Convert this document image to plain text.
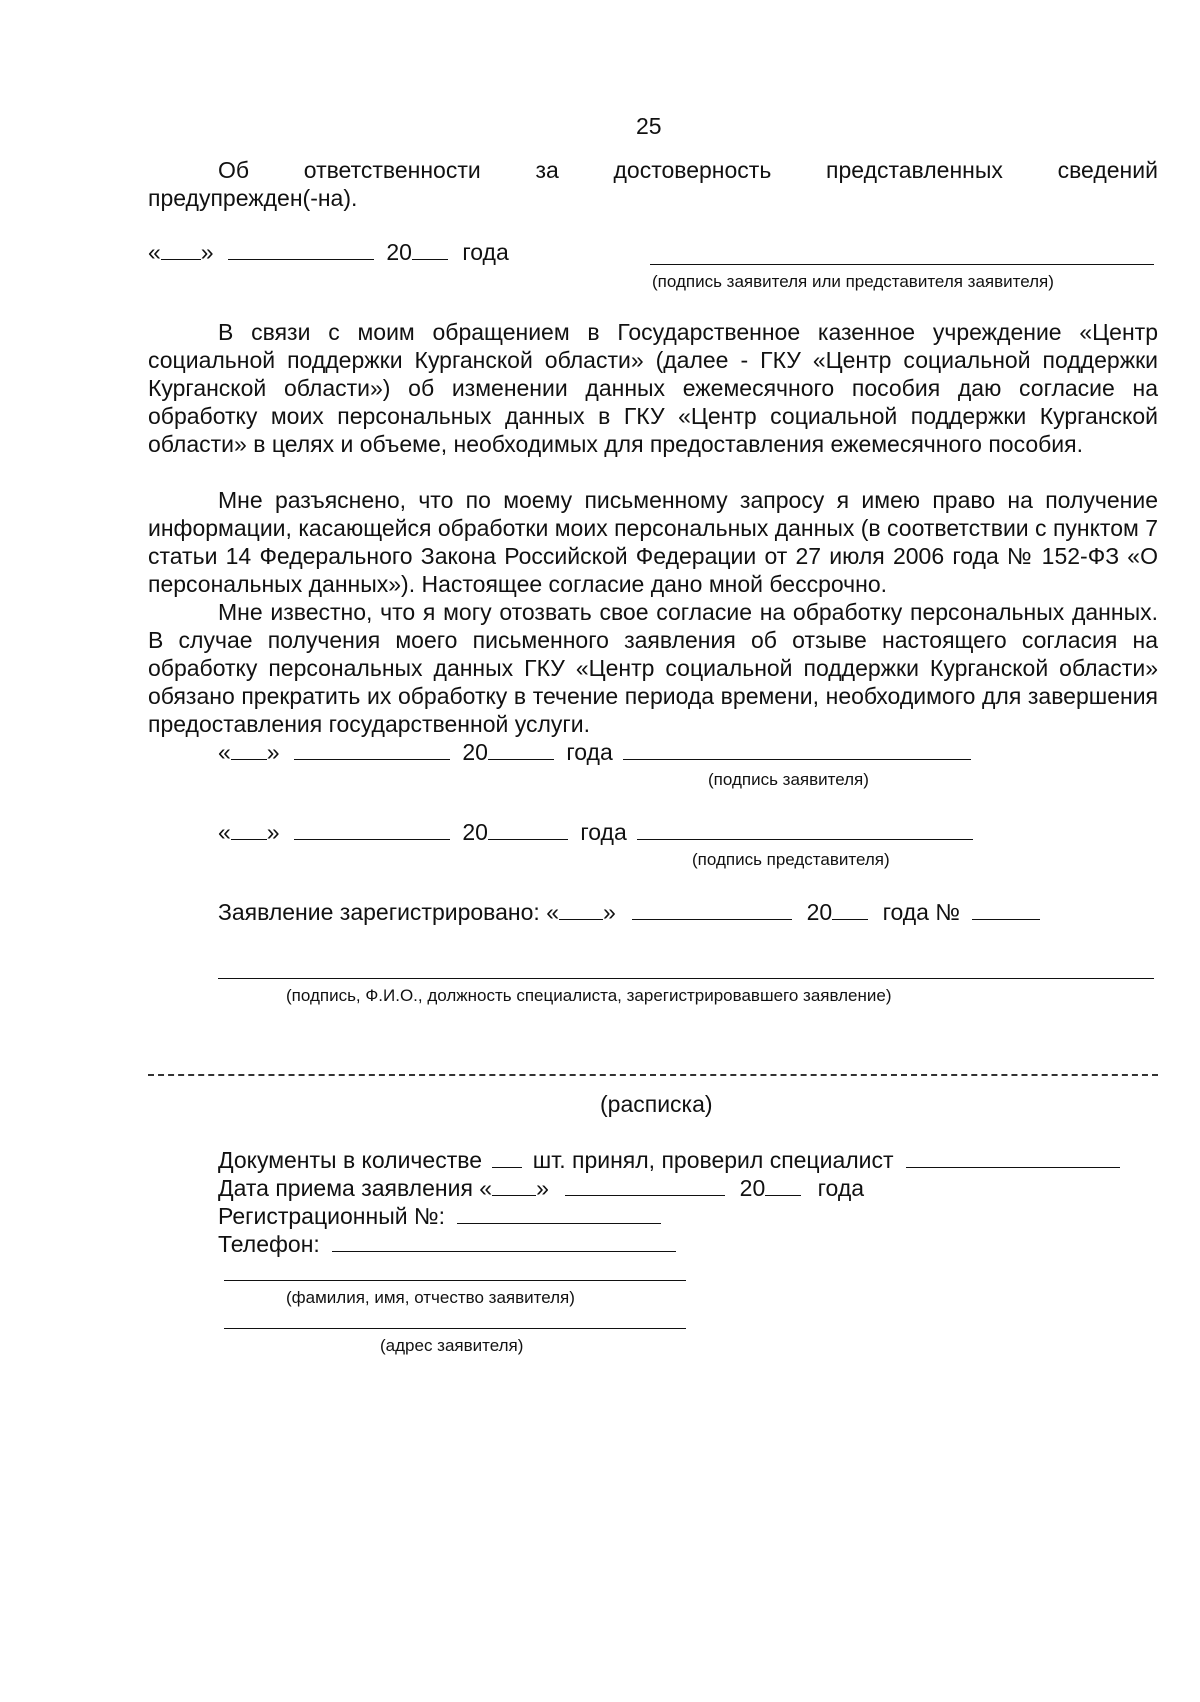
25
Об ответственности за достоверность представленных сведений
предупрежден(-на).
« »	20 года
(подпись заявителя или представителя заявителя)
В связи с моим обращением в Государственное казенное учреждение «Центр социальной поддержки Курганской области» (далее - ГКУ «Центр социальной поддержки Курганской области») об изменении данных ежемесячного пособия даю согласие на обработку моих персональных данных в ГКУ «Центр социальной поддержки Курганской области» в целях и объеме, необходимых для предоставления ежемесячного пособия.
Мне разъяснено, что по моему письменному запросу я имею право на получение информации, касающейся обработки моих персональных данных (в соответствии с пунктом 7 статьи 14 Федерального Закона Российской Федерации от 27 июля 2006 года № 152-ФЗ «О персональных данных»). Настоящее согласие дано мной бессрочно.
Мне известно, что я могу отозвать свое согласие на обработку персональных данных. В случае получения моего письменного заявления об отзыве настоящего согласия на обработку персональных данных ГКУ «Центр социальной поддержки Курганской области» обязано прекратить их обработку в течение периода времени, необходимого для завершения предоставления государственной услуги.
« »	20	года
(подпись заявителя)
« »	20	года
(подпись представителя)
Заявление зарегистрировано: « »	20 года №
(подпись, Ф.И.О., должность специалиста, зарегистрировавшего заявление)
(расписка)
Документы в количестве шт. принял, проверил специалист
Дата приема заявления « »	20 года
Регистрационный №:
Телефон:
(фамилия, имя, отчество заявителя)
(адрес заявителя)
